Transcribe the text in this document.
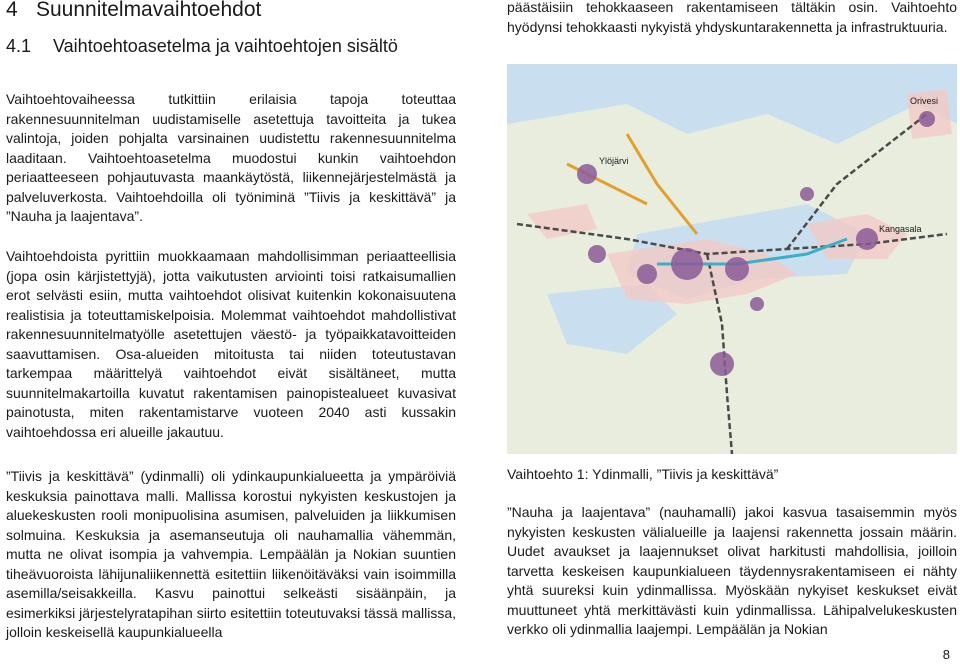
4 Suunnitelmavaihtoehdot
4.1 Vaihtoehtoasetelma ja vaihtoehtojen sisältö

Vaihtoehtovaiheessa tutkittiin erilaisia tapoja toteuttaa rakennesuunnitelman uudistamiselle asetettuja tavoitteita ja tukea valintoja, joiden pohjalta varsinainen uudistettu rakennesuunnitelma laaditaan. Vaihtoehtoasetelma muodostui kunkin vaihtoehdon periaatteeseen pohjautuvasta maankäytöstä, liikennejärjestelmästä ja palveluverkosta. Vaihtoehdoilla oli työniminä ”Tiivis ja keskittävä” ja ”Nauha ja laajentava”.

Vaihtoehdoista pyrittiin muokkaamaan mahdollisimman periaatteellisia (jopa osin kärjistettyjä), jotta vaikutusten arviointi toisi ratkaisumallien erot selvästi esiin, mutta vaihtoehdot olisivat kuitenkin kokonaisuutena realistisia ja toteuttamiskelpoisia. Molemmat vaihtoehdot mahdollistivat rakennesuunnitelmatyölle asetettujen väestö- ja työpaikkatavoitteiden saavuttamisen. Osa-alueiden mitoitusta tai niiden toteutustavan tarkempaa määrittelyä vaihtoehdot eivät sisältäneet, mutta suunnitelmakartoilla kuvatut rakentamisen painopistealueet kuvasivat painotusta, miten rakentamistarve vuoteen 2040 asti kussakin vaihtoehdossa eri alueille jakautuu.

”Tiivis ja keskittävä” (ydinmalli) oli ydinkaupunkialueetta ja ympäröiviä keskuksia painottava malli. Mallissa korostui nykyisten keskustojen ja aluekeskusten rooli monipuolisina asumisen, palveluiden ja liikkumisen solmuina. Keskuksia ja asemanseutuja oli nauhamallia vähemmän, mutta ne olivat isompia ja vahvempia. Lempäälän ja Nokian suuntien tiheävuoroista lähijunaliikennettä esitettiin liikenöitäväksi vain isoimmilla asemilla/seisakkeilla. Kasvu painottui selkeästi sisäänpäin, ja esimerkiksi järjestelyratapihan siirto esitettiin toteutuvaksi tässä mallissa, jolloin keskeisellä kaupunkialueella

päästäisiin tehokkaaseen rakentamiseen tältäkin osin. Vaihtoehto hyödynsi tehokkaasti nykyistä yhdyskuntarakennetta ja infrastruktuuria.

Orivesi
Ylöjärvi
Kangasala
Vaihtoehto 1: Ydinmalli, ”Tiivis ja keskittävä”

”Nauha ja laajentava” (nauhamalli) jakoi kasvua tasaisemmin myös nykyisten keskusten välialueille ja laajensi rakennetta jossain määrin. Uudet avaukset ja laajennukset olivat harkitusti mahdollisia, joilloin tarvetta keskeisen kaupunkialueen täydennysrakentamiseen ei nähty yhtä suureksi kuin ydinmallissa. Myöskään nykyiset keskukset eivät muuttuneet yhtä merkittävästi kuin ydinmallissa. Lähipalvelukeskusten verkko oli ydinmallia laajempi. Lempäälän ja Nokian

8
